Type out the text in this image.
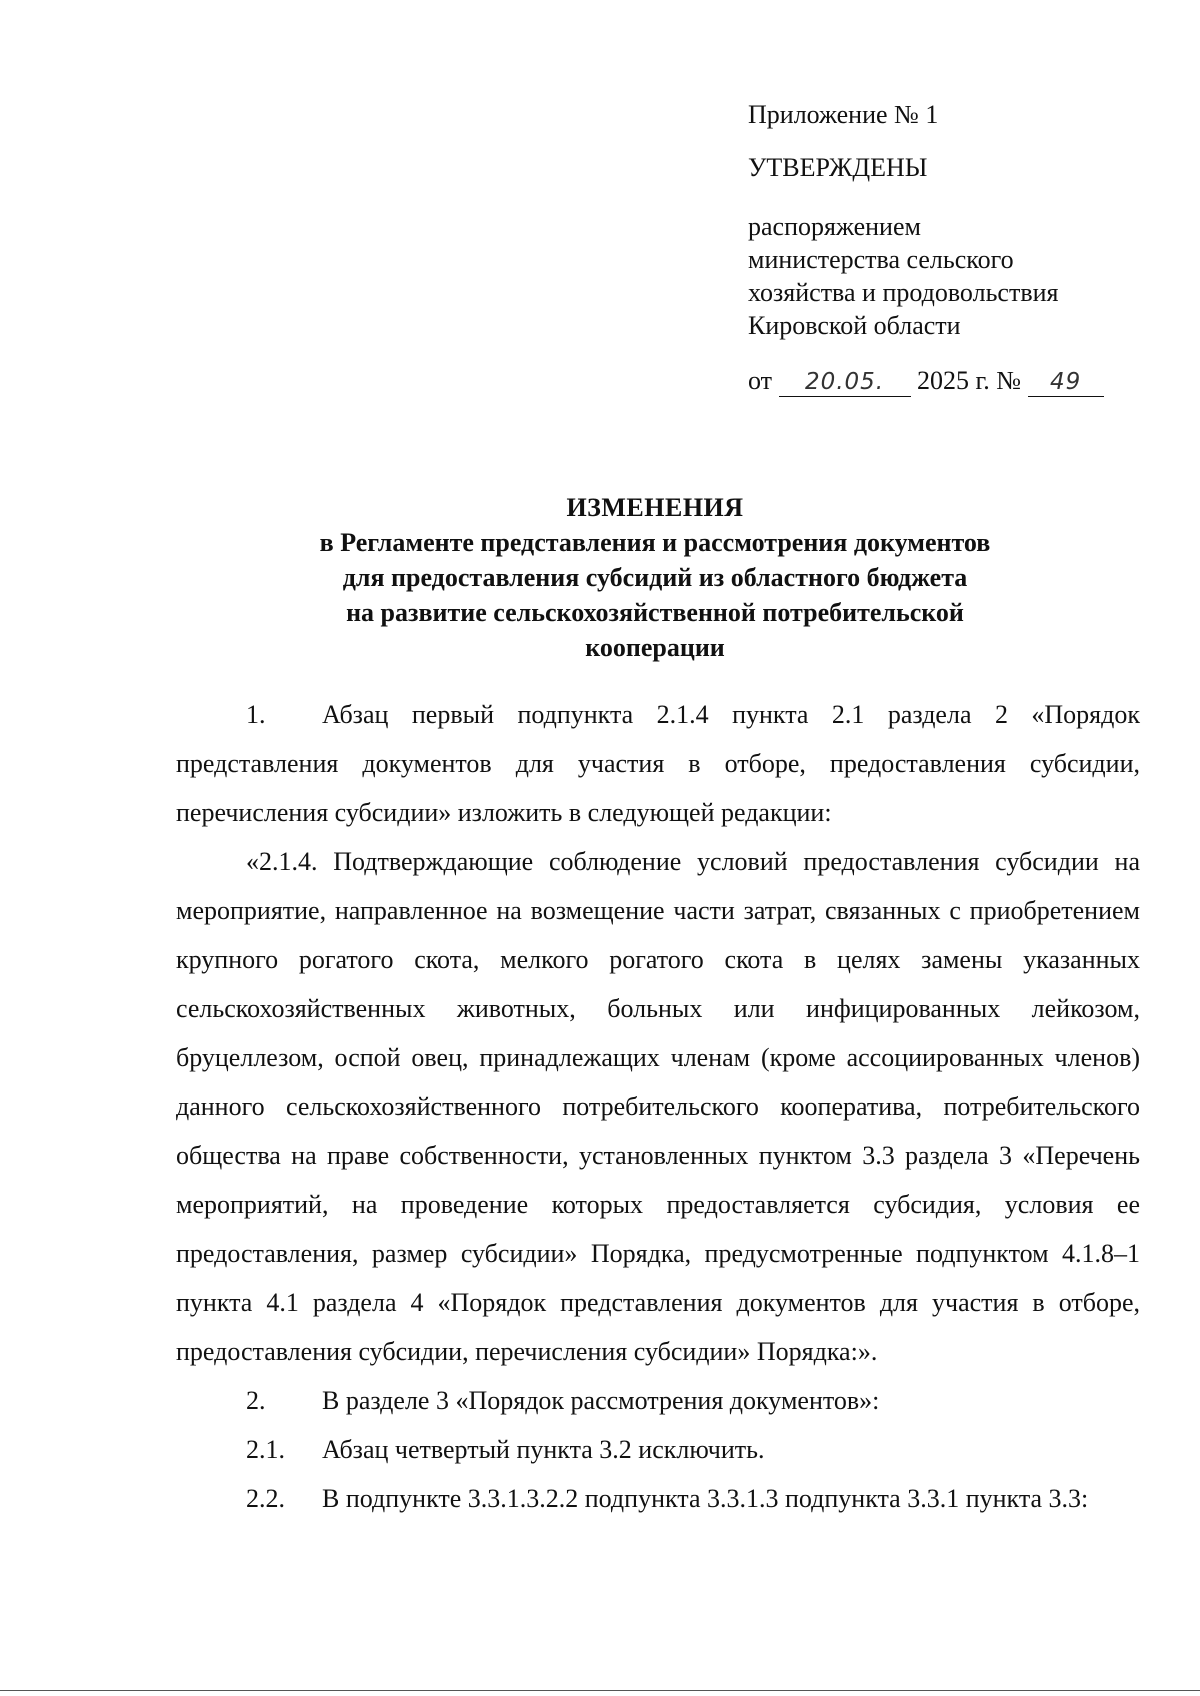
Приложение № 1
УТВЕРЖДЕНЫ
распоряжением
министерства сельского
хозяйства и продовольствия
Кировской области
от 20.05. 2025 г. № 49
ИЗМЕНЕНИЯ
в Регламенте представления и рассмотрения документов
для предоставления субсидий из областного бюджета
на развитие сельскохозяйственной потребительской
кооперации

1. Абзац первый подпункта 2.1.4 пункта 2.1 раздела 2 «Порядок представления документов для участия в отборе, предоставления субсидии, перечисления субсидии» изложить в следующей редакции:

«2.1.4. Подтверждающие соблюдение условий предоставления субсидии на мероприятие, направленное на возмещение части затрат, связанных с приобретением крупного рогатого скота, мелкого рогатого скота в целях замены указанных сельскохозяйственных животных, больных или инфицированных лейкозом, бруцеллезом, оспой овец, принадлежащих членам (кроме ассоциированных членов) данного сельскохозяйственного потребительского кооператива, потребительского общества на праве собственности, установленных пунктом 3.3 раздела 3 «Перечень мероприятий, на проведение которых предоставляется субсидия, условия ее предоставления, размер субсидии» Порядка, предусмотренные подпунктом 4.1.8–1 пункта 4.1 раздела 4 «Порядок представления документов для участия в отборе, предоставления субсидии, перечисления субсидии» Порядка:».

2. В разделе 3 «Порядок рассмотрения документов»:

2.1. Абзац четвертый пункта 3.2 исключить.

2.2. В подпункте 3.3.1.3.2.2 подпункта 3.3.1.3 подпункта 3.3.1 пункта 3.3:
